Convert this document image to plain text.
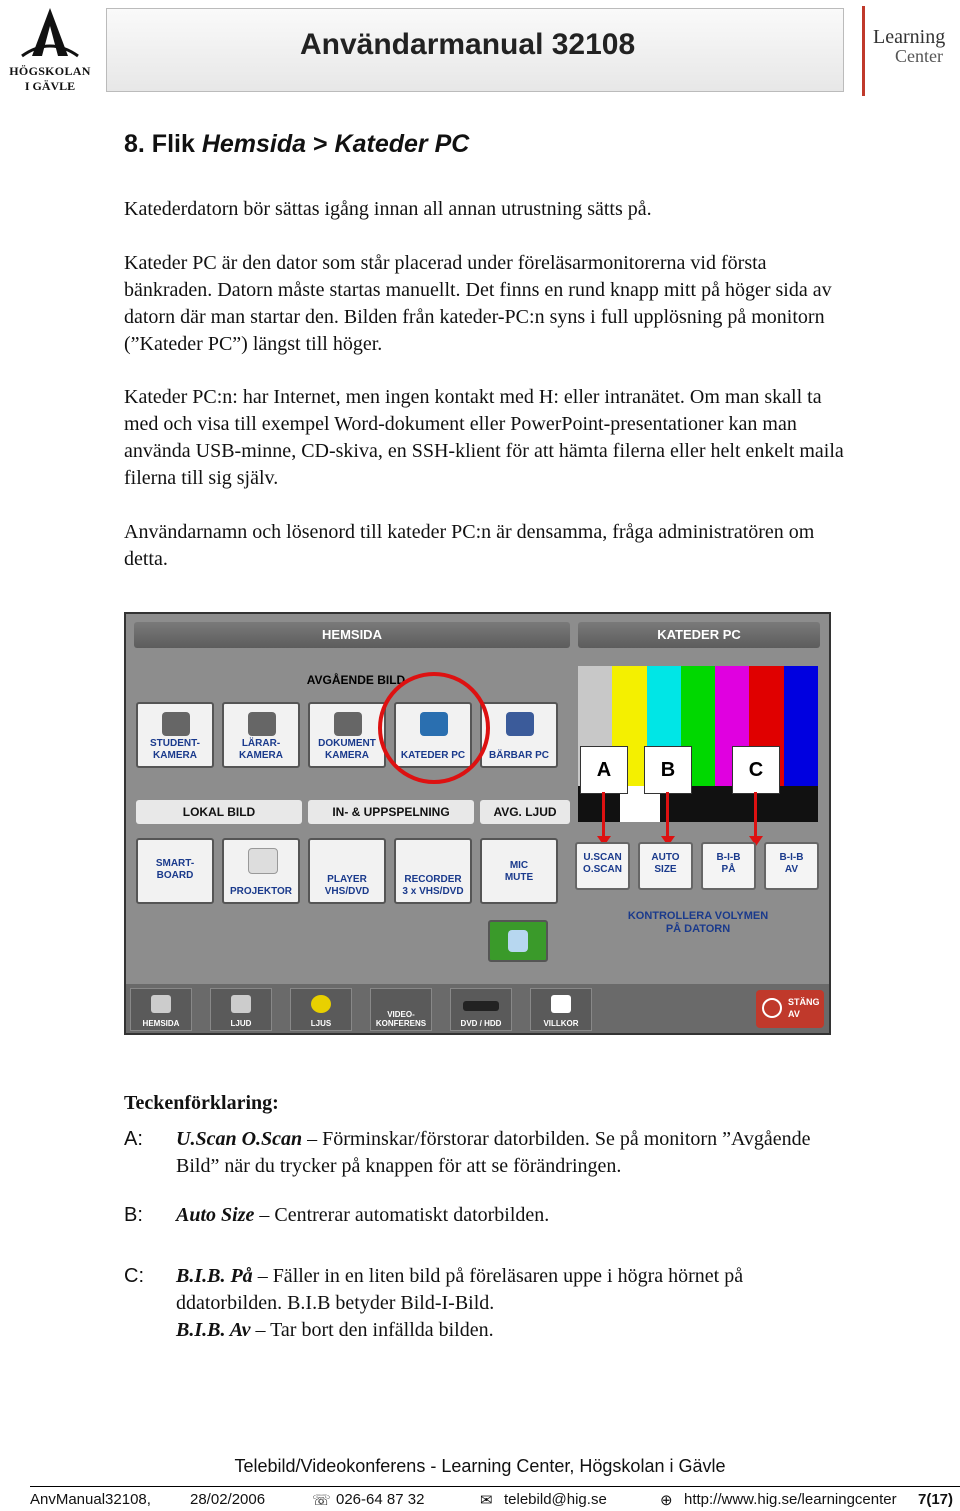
HÖGSKOLAN
I GÄVLE
Användarmanual 32108	Learning
Center
8. Flik Hemsida > Kateder PC

Katederdatorn bör sättas igång innan all annan utrustning sätts på.

Kateder PC är den dator som står placerad under föreläsarmonitorerna vid första bänkraden. Datorn måste startas manuellt. Det finns en rund knapp mitt på höger sida av datorn där man startar den. Bilden från kateder-PC:n syns i full upplösning på monitorn (”Kateder PC”) längst till höger.

Kateder PC:n: har Internet, men ingen kontakt med H: eller intranätet. Om man skall ta med och visa till exempel Word-dokument eller PowerPoint-presentationer kan man använda USB-minne, CD-skiva, en SSH-klient för att hämta filerna eller helt enkelt maila filerna till sig själv.

Användarnamn och lösenord till kateder PC:n är densamma, fråga administratören om detta.

HEMSIDA	KATEDER PC
AVGÅENDE BILD
STUDENT-
KAMERA
LÄRAR-
KAMERA
DOKUMENT
KAMERA	KATEDER PC	BÄRBAR PC
LOKAL BILD	IN- & UPPSPELNING	AVG. LJUD
SMART-
BOARD
PROJEKTOR
PLAYER
VHS/DVD
RECORDER
3 x VHS/DVD
MIC
MUTE
A	B	C
U.SCAN
O.SCAN
AUTO
SIZE
B-I-B
PÅ
B-I-B
AV
KONTROLLERA VOLYMEN
PÅ DATORN
HEMSIDA	LJUD	LJUS
VIDEO-
KONFERENS	DVD / HDD	VILLKOR
STÄNG
AV
Teckenförklaring:
A: U.Scan O.Scan – Förminskar/förstorar datorbilden. Se på monitorn ”Avgående Bild” när du trycker på knappen för att se förändringen.
B: Auto Size – Centrerar automatiskt datorbilden.
C: B.I.B. På – Fäller in en liten bild på föreläsaren uppe i högra hörnet på ddatorbilden. B.I.B betyder Bild-I-Bild.
B.I.B. Av – Tar bort den infällda bilden.
Telebild/Videokonferens - Learning Center, Högskolan i Gävle
AnvManual32108,	28/02/2006	☏ 026-64 87 32	✉ telebild@hig.se	⊕ http://www.hig.se/learningcenter 7(17)
